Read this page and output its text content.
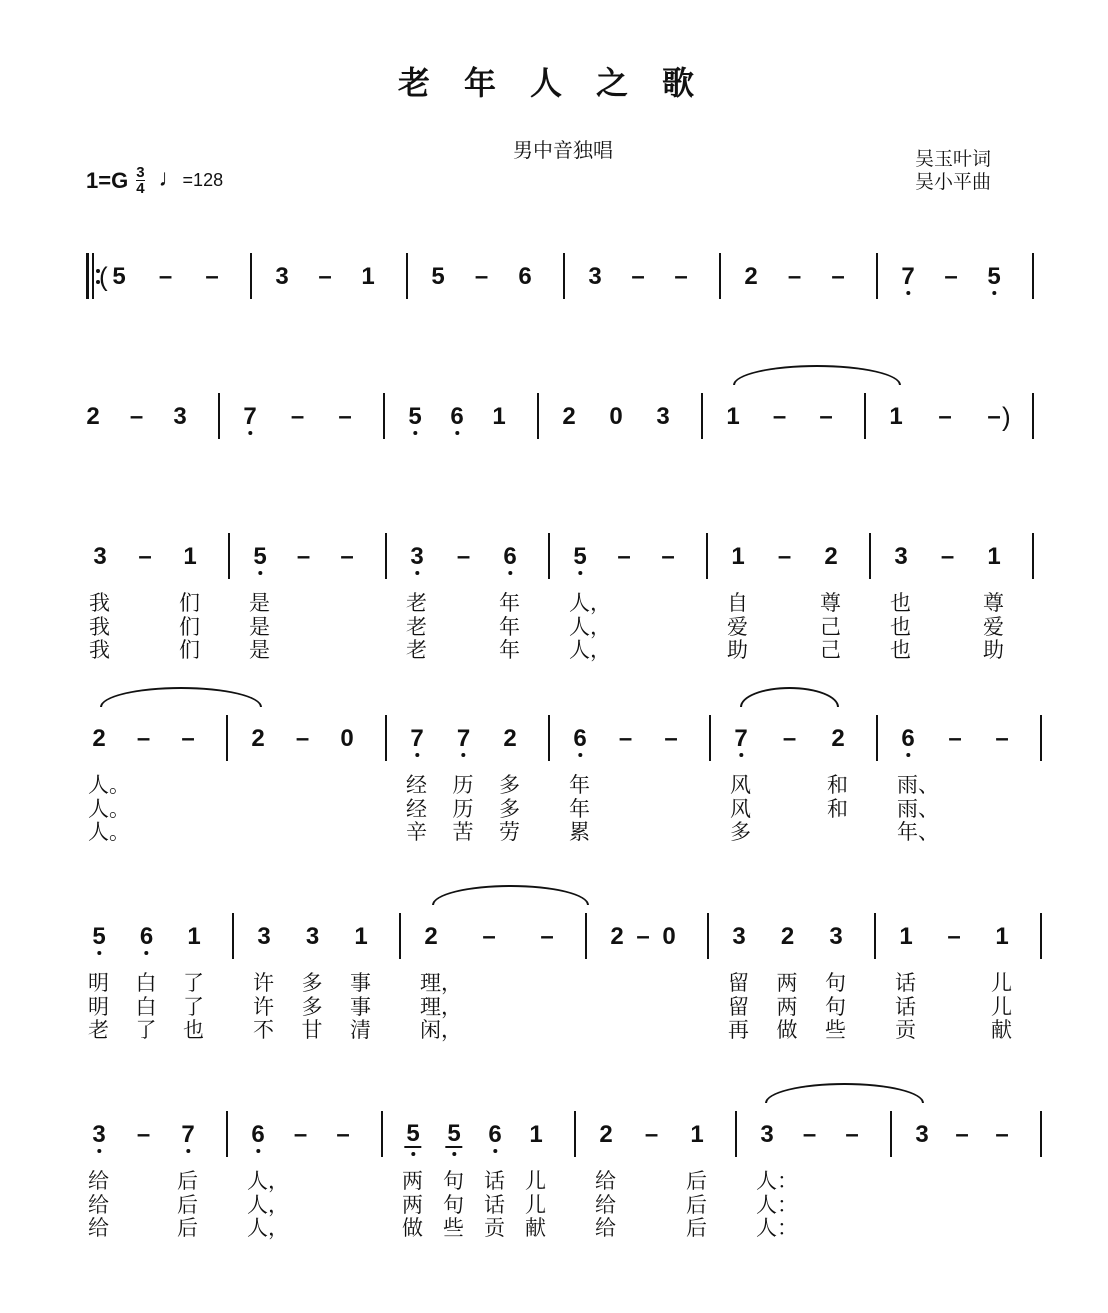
老年人之歌
男中音独唱
$1=G \frac{3}{4}$ ♩ =128
吴玉叶词
吴小平曲
5 – – 3 – 1 5 – 6 3 – – 2 – – 7 – 5
(
2 – 3 7 – – 5 6 1 2 0 3 1 – – 1 – – )
3 – 1 5 – – 3 – 6 5 – – 1 – 2 3 – 1
我	们 是	老	年 人，	自	尊 也	尊
我	们 是	老	年 人，	爱	己 也	爱
我	们 是	老	年 人，	助	己 也	助
2 – – 2 – 0 7 7 2 6 – – 7 – 2 6 – –
人。	经 历 多 年	风	和 雨、
人。	经 历 多 年	风	和 雨、
人。	辛 苦 劳 累	多	年、
5 6 1 3 3 1 2 – – 2 – 0 3 2 3 1 – 1
明 白 了 许 多 事 理，	留 两 句 话	儿
明 白 了 许 多 事 理，	留 两 句 话	儿
老 了 也 不 甘 清 闲，	再 做 些 贡	献
3 – 7 6 – – 5 5 6 1 2 – 1 3 – – 3 – –
给	后 人，	两 句 话 儿 给	后 人：
给	后 人，	两 句 话 儿 给	后 人：
给	后 人，	做 些 贡 献 给	后 人：
